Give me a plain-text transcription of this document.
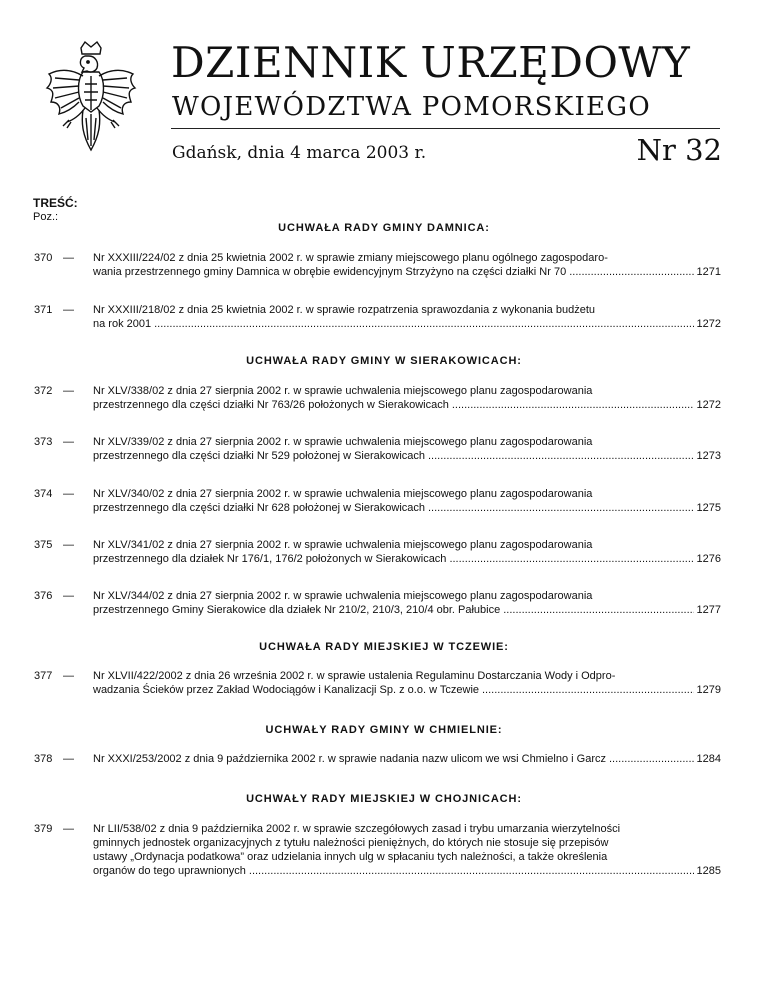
DZIENNIK URZĘDOWY
WOJEWÓDZTWA POMORSKIEGO
Gdańsk, dnia 4 marca 2003 r.	Nr 32
TREŚĆ:
Poz.:
UCHWAŁA RADY GMINY DAMNICA:
UCHWAŁA RADY GMINY W SIERAKOWICACH:
UCHWAŁA RADY MIEJSKIEJ W TCZEWIE:
UCHWAŁY RADY GMINY W CHMIELNIE:
UCHWAŁY RADY MIEJSKIEJ W CHOJNICACH:
370 — Nr XXXIII/224/02 z dnia 25 kwietnia 2002 r. w sprawie zmiany miejscowego planu ogólnego zagospodaro-
wania przestrzennego gminy Damnica w obrębie ewidencyjnym Strzyżyno na części działki Nr 70 .....	1271
371 — Nr XXXIII/218/02 z dnia 25 kwietnia 2002 r. w sprawie rozpatrzenia sprawozdania z wykonania budżetu
na rok 2001 .....	1272
372 — Nr XLV/338/02 z dnia 27 sierpnia 2002 r. w sprawie uchwalenia miejscowego planu zagospodarowania
przestrzennego dla części działki Nr 763/26 położonych w Sierakowicach .....	1272
373 — Nr XLV/339/02 z dnia 27 sierpnia 2002 r. w sprawie uchwalenia miejscowego planu zagospodarowania
przestrzennego dla części działki Nr 529 położonej w Sierakowicach .....	1273
374 — Nr XLV/340/02 z dnia 27 sierpnia 2002 r. w sprawie uchwalenia miejscowego planu zagospodarowania
przestrzennego dla części działki Nr 628 położonej w Sierakowicach .....	1275
375 — Nr XLV/341/02 z dnia 27 sierpnia 2002 r. w sprawie uchwalenia miejscowego planu zagospodarowania
przestrzennego dla działek Nr 176/1, 176/2 położonych w Sierakowicach .....	1276
376 — Nr XLV/344/02 z dnia 27 sierpnia 2002 r. w sprawie uchwalenia miejscowego planu zagospodarowania
przestrzennego Gminy Sierakowice dla działek Nr 210/2, 210/3, 210/4 obr. Pałubice .....	1277
377 — Nr XLVII/422/2002 z dnia 26 września 2002 r. w sprawie ustalenia Regulaminu Dostarczania Wody i Odpro-
wadzania Ścieków przez Zakład Wodociągów i Kanalizacji Sp. z o.o. w Tczewie .....	1279
378 — Nr XXXI/253/2002 z dnia 9 października 2002 r. w sprawie nadania nazw ulicom we wsi Chmielno i Garcz .....	1284
379 — Nr LII/538/02 z dnia 9 października 2002 r. w sprawie szczegółowych zasad i trybu umarzania wierzytelności
gminnych jednostek organizacyjnych z tytułu należności pieniężnych, do których nie stosuje się przepisów
ustawy „Ordynacja podatkowa” oraz udzielania innych ulg w spłacaniu tych należności, a także określenia
organów do tego uprawnionych .....	1285
